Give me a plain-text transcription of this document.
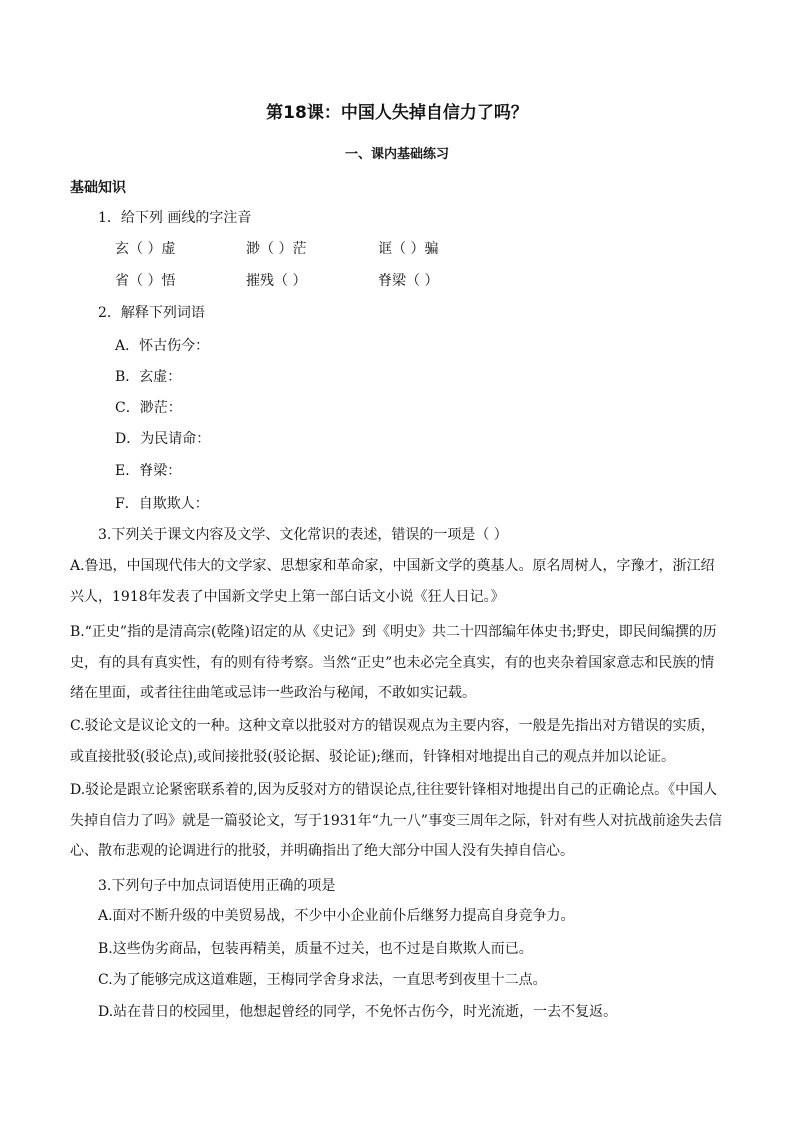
第18课：中国人失掉自信力了吗？
一、课内基础练习
基础知识
1．给下列 画线的字注音
玄（ ）虚	渺（ ）茫	诓（ ）骗
省（ ）悟	摧残（ ）	脊梁（ ）
2．解释下列词语
A．怀古伤今：
B．玄虚：
C．渺茫：
D．为民请命：
E．脊梁：
F．自欺欺人：
3.下列关于课文内容及文学、文化常识的表述，错误的一项是（ ）
A.鲁迅，中国现代伟大的文学家、思想家和革命家，中国新文学的奠基人。原名周树人，字豫才，浙江绍兴人，1918年发表了中国新文学史上第一部白话文小说《狂人日记。》
B.“正史”指的是清高宗(乾隆)诏定的从《史记》到《明史》共二十四部编年体史书;野史，即民间编撰的历史，有的具有真实性，有的则有待考察。当然“正史”也未必完全真实，有的也夹杂着国家意志和民族的情绪在里面，或者往往曲笔或忌讳一些政治与秘闻，不敢如实记载。
C.驳论文是议论文的一种。这种文章以批驳对方的错误观点为主要内容，一般是先指出对方错误的实质，或直接批驳(驳论点),或间接批驳(驳论据、驳论证);继而，针锋相对地提出自己的观点并加以论证。
D.驳论是跟立论紧密联系着的,因为反驳对方的错误论点,往往要针锋相对地提出自己的正确论点。《中国人失掉自信力了吗》就是一篇驳论文，写于1931年“九一八”事变三周年之际，针对有些人对抗战前途失去信心、散布悲观的论调进行的批驳，并明确指出了绝大部分中国人没有失掉自信心。
3.下列句子中加点词语使用正确的项是
A.面对不断升级的中美贸易战，不少中小企业前仆后继努力提高自身竞争力。
B.这些伪劣商品，包装再精美，质量不过关，也不过是自欺欺人而已。
C.为了能够完成这道难题，王梅同学舍身求法，一直思考到夜里十二点。
D.站在昔日的校园里，他想起曾经的同学，不免怀古伤今，时光流逝，一去不复返。
